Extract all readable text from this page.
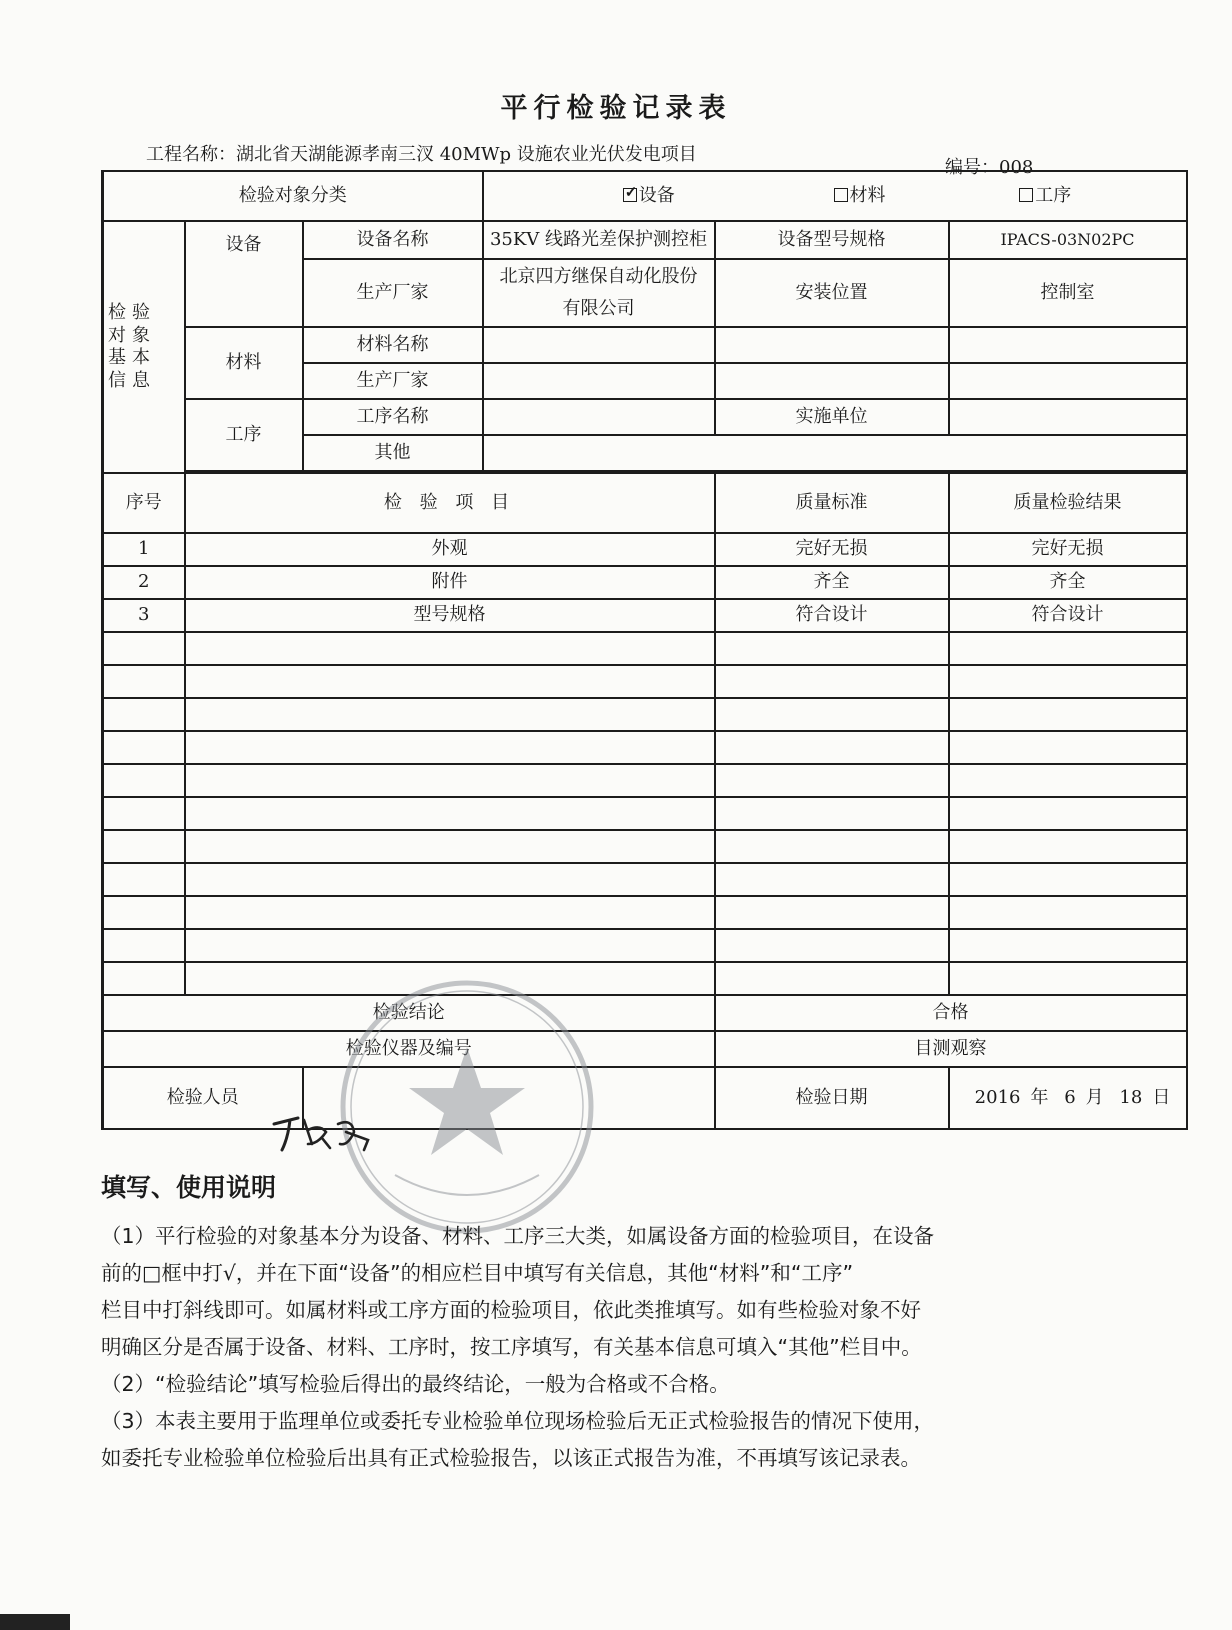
平行检验记录表
工程名称：湖北省天湖能源孝南三汊 40MWp 设施农业光伏发电项目
编号：008
检验对象分类			✓ 设备 材料 工序			
检验对象基本信息	设备	设备名称	35KV 线路光差保护测控柜	设备型号规格	IPACS-03N02PC	
		生产厂家	北京四方继保自动化股份有限公司	安装位置	控制室	
	材料	材料名称				
		生产厂家				
	工序	工序名称		实施单位		
		其他				

序号	检 验 项 目			质量标准	质量检验结果	
1	外观			完好无损	完好无损	
2	附件			齐全	齐全	
3	型号规格			符合设计	符合设计	

检验结论				合格		
检验仪器及编号				目测观察		
检验人员				检验日期	2016 年 6 月 18 日	
填写、使用说明

（1）平行检验的对象基本分为设备、材料、工序三大类，如属设备方面的检验项目，在设备

前的□框中打√，并在下面“设备”的相应栏目中填写有关信息，其他“材料”和“工序”

栏目中打斜线即可。如属材料或工序方面的检验项目，依此类推填写。如有些检验对象不好

明确区分是否属于设备、材料、工序时，按工序填写，有关基本信息可填入“其他”栏目中。

（2）“检验结论”填写检验后得出的最终结论，一般为合格或不合格。

（3）本表主要用于监理单位或委托专业检验单位现场检验后无正式检验报告的情况下使用，

如委托专业检验单位检验后出具有正式检验报告，以该正式报告为准，不再填写该记录表。
